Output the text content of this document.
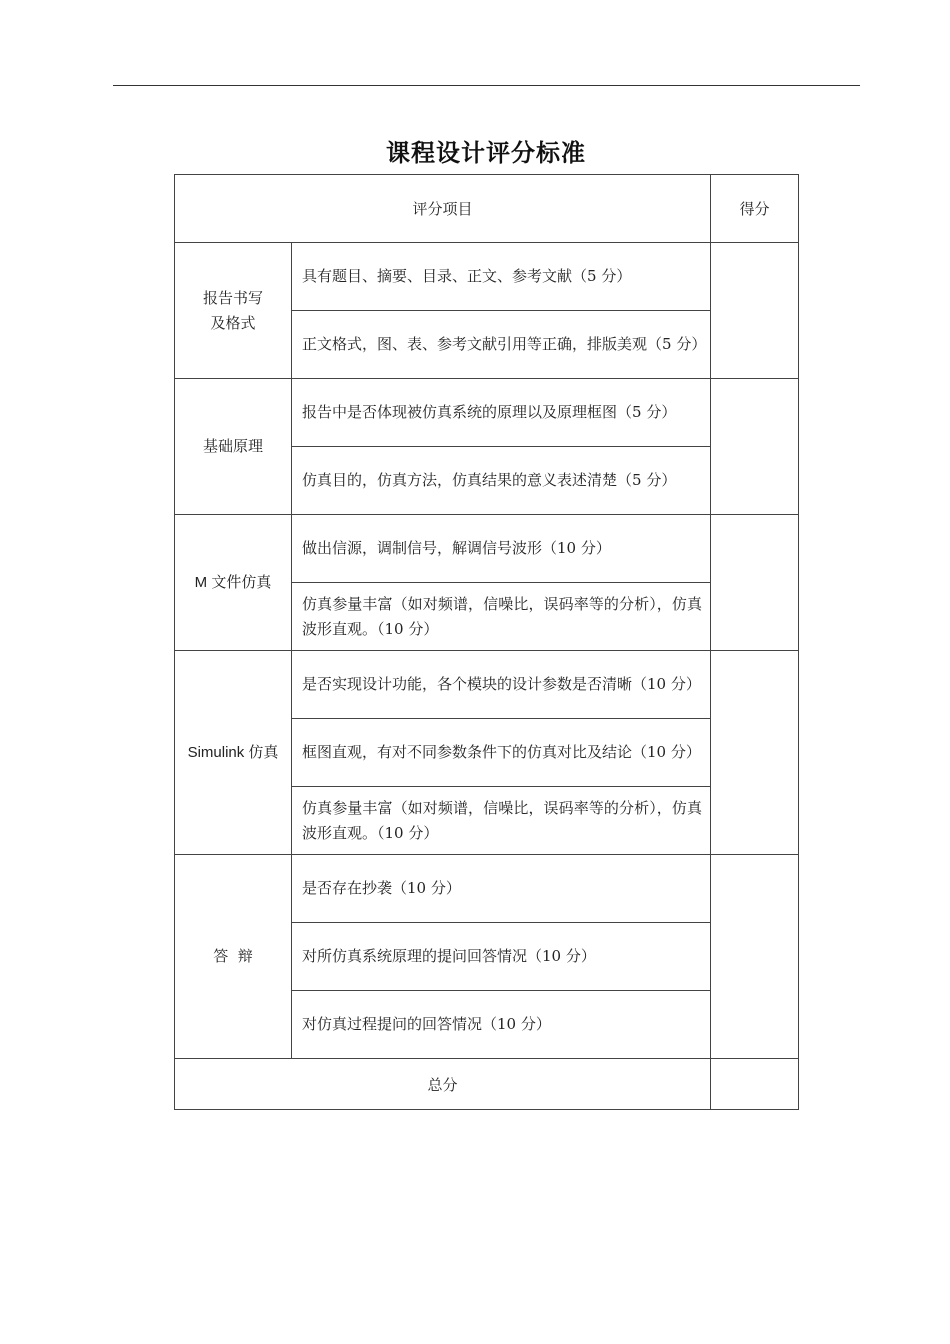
课程设计评分标准
评分项目		得分

报告书写及格式	具有题目、摘要、目录、正文、参考文献（5 分）	
	正文格式，图、表、参考文献引用等正确，排版美观（5 分）	
基础原理	报告中是否体现被仿真系统的原理以及原理框图（5 分）	
	仿真目的，仿真方法，仿真结果的意义表述清楚（5 分）	
M 文件仿真	做出信源，调制信号，解调信号波形（10 分）	
	仿真参量丰富（如对频谱，信噪比，误码率等的分析），仿真波形直观。（10 分）	
Simulink 仿真	是否实现设计功能，各个模块的设计参数是否清晰（10 分）	
	框图直观，有对不同参数条件下的仿真对比及结论（10 分）	
	仿真参量丰富（如对频谱，信噪比，误码率等的分析），仿真波形直观。（10 分）	
答  辩	是否存在抄袭（10 分）	
	对所仿真系统原理的提问回答情况（10 分）	
	对仿真过程提问的回答情况（10 分）	
总分		
